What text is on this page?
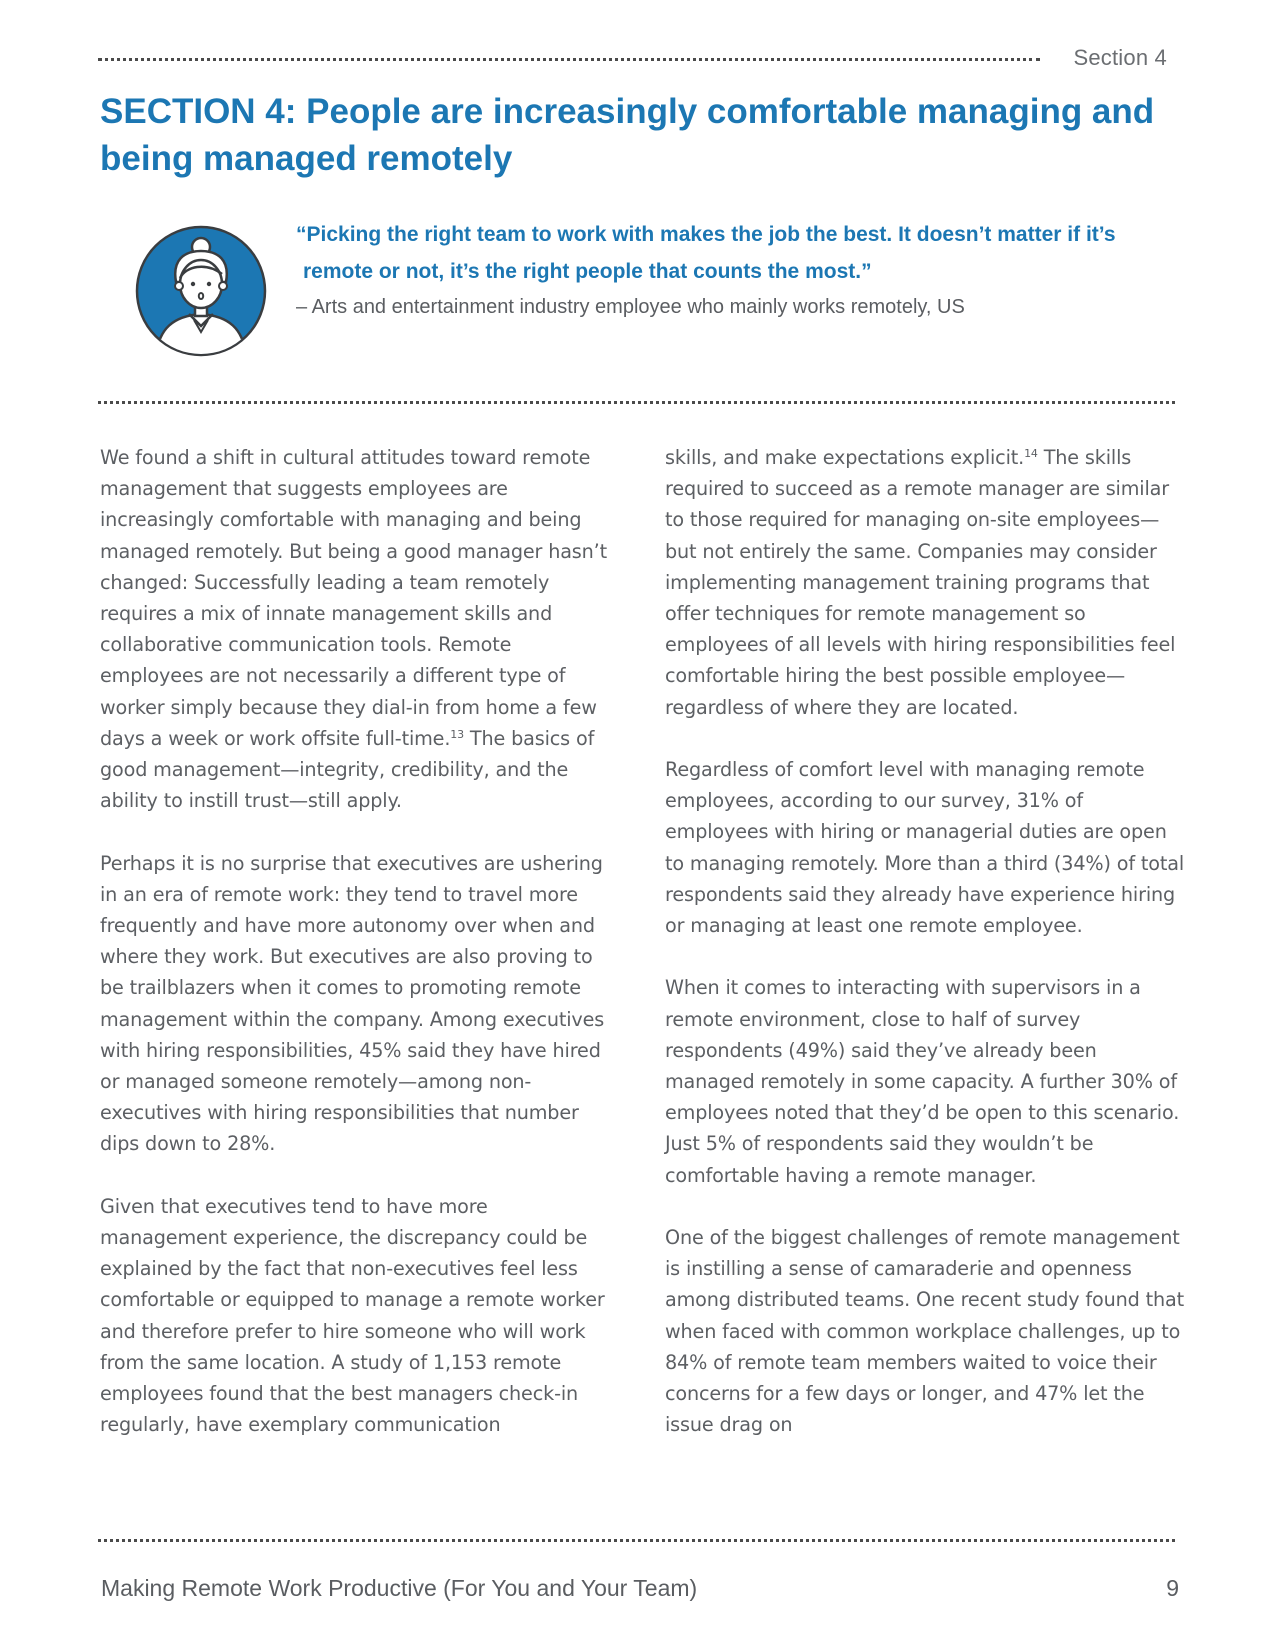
Section 4
SECTION 4: People are increasingly comfortable managing and being managed remotely

“Picking the right team to work with makes the job the best. It doesn’t matter if it’s

remote or not, it’s the right people that counts the most.”

– Arts and entertainment industry employee who mainly works remotely, US

We found a shift in cultural attitudes toward remote management that suggests employees are increasingly comfortable with managing and being managed remotely. But being a good manager hasn’t changed: Successfully leading a team remotely requires a mix of innate management skills and collaborative communication tools. Remote employees are not necessarily a different type of worker simply because they dial-in from home a few days a week or work offsite full-time.$^{13}$ The basics of good management—integrity, credibility, and the ability to instill trust—still apply.

Perhaps it is no surprise that executives are ushering in an era of remote work: they tend to travel more frequently and have more autonomy over when and where they work. But executives are also proving to be trailblazers when it comes to promoting remote management within the company. Among executives with hiring responsibilities, 45% said they have hired or managed someone remotely—among non-executives with hiring responsibilities that number dips down to 28%.

Given that executives tend to have more management experience, the discrepancy could be explained by the fact that non-executives feel less comfortable or equipped to manage a remote worker and therefore prefer to hire someone who will work from the same location. A study of 1,153 remote employees found that the best managers check-in regularly, have exemplary communication

skills, and make expectations explicit.$^{14}$ The skills required to succeed as a remote manager are similar to those required for managing on-site employees—but not entirely the same. Companies may consider implementing management training programs that offer techniques for remote management so employees of all levels with hiring responsibilities feel comfortable hiring the best possible employee—regardless of where they are located.

Regardless of comfort level with managing remote employees, according to our survey, 31% of employees with hiring or managerial duties are open to managing remotely. More than a third (34%) of total respondents said they already have experience hiring or managing at least one remote employee.

When it comes to interacting with supervisors in a remote environment, close to half of survey respondents (49%) said they’ve already been managed remotely in some capacity. A further 30% of employees noted that they’d be open to this scenario. Just 5% of respondents said they wouldn’t be comfortable having a remote manager.

One of the biggest challenges of remote management is instilling a sense of camaraderie and openness among distributed teams. One recent study found that when faced with common workplace challenges, up to 84% of remote team members waited to voice their concerns for a few days or longer, and 47% let the issue drag on

Making Remote Work Productive (For You and Your Team)	9
